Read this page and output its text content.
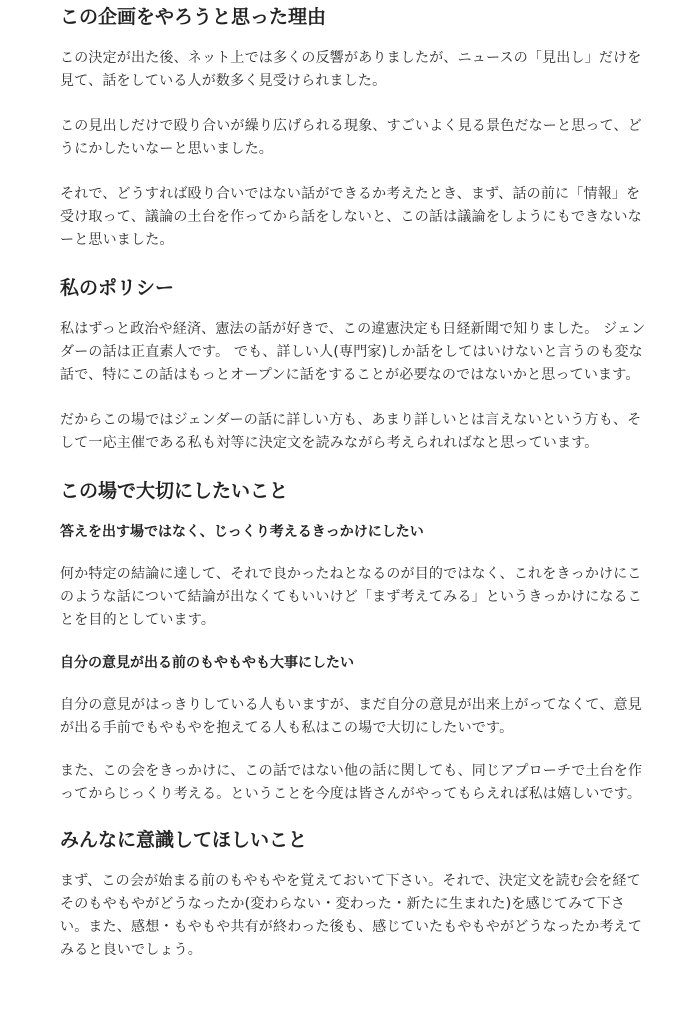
この企画をやろうと思った理由

この決定が出た後、ネット上では多くの反響がありましたが、ニュースの「見出し」だけを見て、話をしている人が数多く見受けられました。

この見出しだけで殴り合いが繰り広げられる現象、すごいよく見る景色だなーと思って、どうにかしたいなーと思いました。

それで、どうすれば殴り合いではない話ができるか考えたとき、まず、話の前に「情報」を受け取って、議論の土台を作ってから話をしないと、この話は議論をしようにもできないなーと思いました。

私のポリシー

私はずっと政治や経済、憲法の話が好きで、この違憲決定も日経新聞で知りました。 ジェンダーの話は正直素人です。 でも、詳しい人(専門家)しか話をしてはいけないと言うのも変な話で、特にこの話はもっとオープンに話をすることが必要なのではないかと思っています。

だからこの場ではジェンダーの話に詳しい方も、あまり詳しいとは言えないという方も、そして一応主催である私も対等に決定文を読みながら考えられればなと思っています。

この場で大切にしたいこと
答えを出す場ではなく、じっくり考えるきっかけにしたい

何か特定の結論に達して、それで良かったねとなるのが目的ではなく、これをきっかけにこのような話について結論が出なくてもいいけど「まず考えてみる」というきっかけになることを目的としています。

自分の意見が出る前のもやもやも大事にしたい

自分の意見がはっきりしている人もいますが、まだ自分の意見が出来上がってなくて、意見が出る手前でもやもやを抱えてる人も私はこの場で大切にしたいです。

また、この会をきっかけに、この話ではない他の話に関しても、同じアプローチで土台を作ってからじっくり考える。ということを今度は皆さんがやってもらえれば私は嬉しいです。

みんなに意識してほしいこと

まず、この会が始まる前のもやもやを覚えておいて下さい。それで、決定文を読む会を経てそのもやもやがどうなったか(変わらない・変わった・新たに生まれた)を感じてみて下さい。また、感想・もやもや共有が終わった後も、感じていたもやもやがどうなったか考えてみると良いでしょう。
